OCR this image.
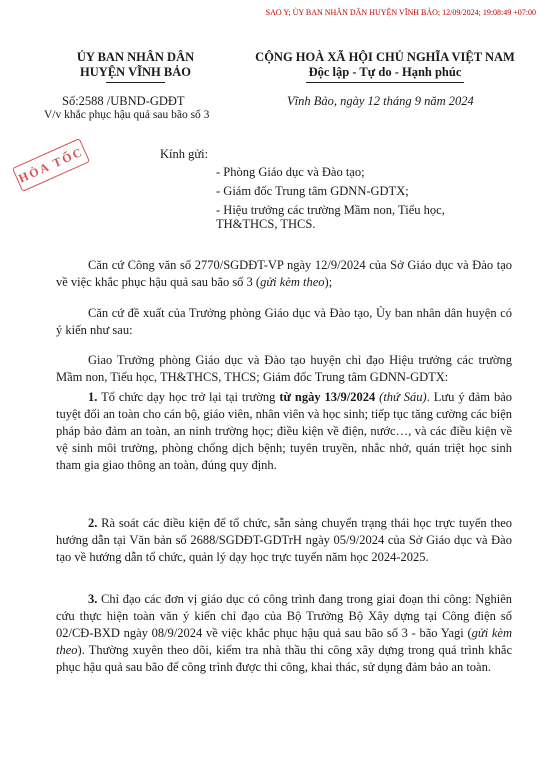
SAO Y; ỦY BAN NHÂN DÂN HUYỆN VĨNH BẢO; 12/09/2024; 19:08:49 +07:00
ỦY BAN NHÂN DÂN
HUYỆN VĨNH BẢO
CỘNG HOÀ XÃ HỘI CHỦ NGHĨA VIỆT NAM
Độc lập - Tự do - Hạnh phúc
Số:2588 /UBND-GDĐT
V/v khắc phục hậu quả sau bão số 3
Vĩnh Bảo, ngày 12 tháng 9 năm 2024
HỎA TỐC	Kính gửi:
- Phòng Giáo dục và Đào tạo;
- Giám đốc Trung tâm GDNN-GDTX;
- Hiệu trưởng các trường Mầm non, Tiểu học,
TH&THCS, THCS.
Căn cứ Công văn số 2770/SGDĐT-VP ngày 12/9/2024 của Sở Giáo dục và Đào tạo về việc khắc phục hậu quả sau bão số 3 (gửi kèm theo);
Căn cứ đề xuất của Trưởng phòng Giáo dục và Đào tạo, Ủy ban nhân dân huyện có ý kiến như sau:
Giao Trưởng phòng Giáo dục và Đào tạo huyện chỉ đạo Hiệu trưởng các trường Mầm non, Tiểu học, TH&THCS, THCS; Giám đốc Trung tâm GDNN-GDTX:
1. Tổ chức dạy học trở lại tại trường từ ngày 13/9/2024 (thứ Sáu). Lưu ý đảm bảo tuyệt đối an toàn cho cán bộ, giáo viên, nhân viên và học sinh; tiếp tục tăng cường các biện pháp bảo đảm an toàn, an ninh trường học; điều kiện về điện, nước…, và các điều kiện về vệ sinh môi trường, phòng chống dịch bệnh; tuyên truyền, nhắc nhở, quán triệt học sinh tham gia giao thông an toàn, đúng quy định.
2. Rà soát các điều kiện để tổ chức, sẵn sàng chuyển trạng thái học trực tuyến theo hướng dẫn tại Văn bản số 2688/SGDĐT-GDTrH ngày 05/9/2024 của Sở Giáo dục và Đào tạo về hướng dẫn tổ chức, quản lý dạy học trực tuyến năm học 2024-2025.
3. Chỉ đạo các đơn vị giáo dục có công trình đang trong giai đoạn thi công: Nghiên cứu thực hiện toàn văn ý kiến chỉ đạo của Bộ Trưởng Bộ Xây dựng tại Công điện số 02/CĐ-BXD ngày 08/9/2024 về việc khắc phục hậu quả sau bão số 3 - bão Yagi (gửi kèm theo). Thường xuyên theo dõi, kiểm tra nhà thầu thi công xây dựng trong quá trình khắc phục hậu quả sau bão để công trình được thi công, khai thác, sử dụng đảm bảo an toàn.
